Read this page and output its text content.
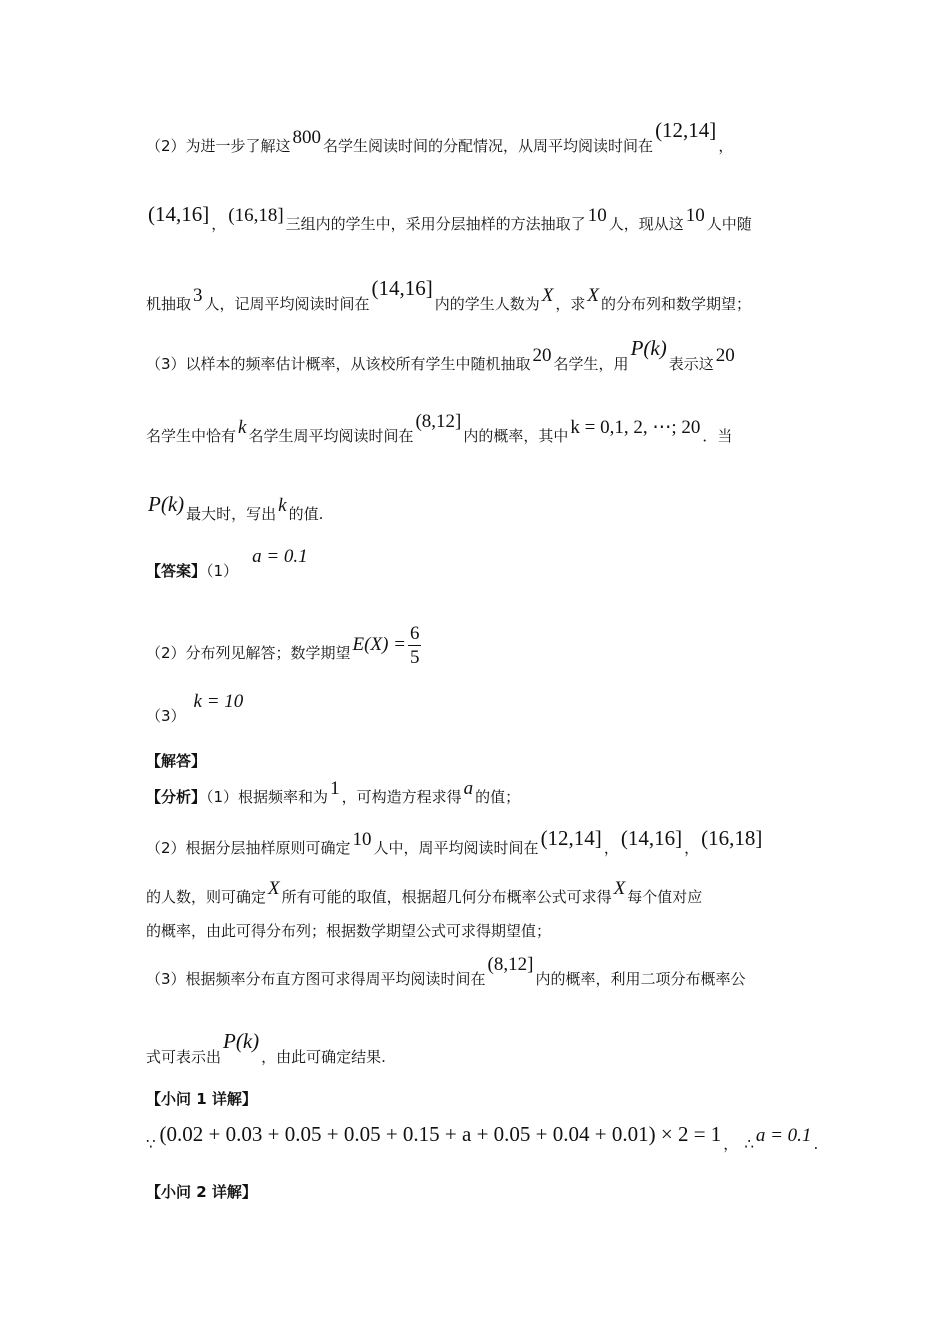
（2）为进一步了解这 800 名学生阅读时间的分配情况，从周平均阅读时间在(12,14]，
(14,16] ， (16,18] 三组内的学生中，采用分层抽样的方法抽取了 10 人，现从这 10 人中随
机抽取 3 人，记周平均阅读时间在(14,16]内的学生人数为 X ，求 X 的分布列和数学期望；
（3）以样本的频率估计概率，从该校所有学生中随机抽取 20 名学生，用P(k)表示这 20
名学生中恰有 k 名学生周平均阅读时间在(8,12]内的概率，其中 k = 0,1, 2, ⋯; 20 ．当
P(k) 最大时，写出 k 的值.
【答案】（1）a = 0.1
（2）分布列见解答；数学期望 $E(X) = \frac{6}{5}$
（3）k = 10
【解答】
【分析】（1）根据频率和为 1 ，可构造方程求得 a 的值；
（2）根据分层抽样原则可确定 10 人中，周平均阅读时间在(12,14] ，(14,16] ，(16,18]
的人数，则可确定 X 所有可能的取值，根据超几何分布概率公式可求得 X 每个值对应
的概率，由此可得分布列；根据数学期望公式可求得期望值；
（3）根据频率分布直方图可求得周平均阅读时间在(8,12]内的概率，利用二项分布概率公
式可表示出P(k)，由此可确定结果.
【小问 1 详解】
∵ (0.02 + 0.03 + 0.05 + 0.05 + 0.15 + a + 0.05 + 0.04 + 0.01) × 2 = 1 ， ∴ a = 0.1 .
【小问 2 详解】
